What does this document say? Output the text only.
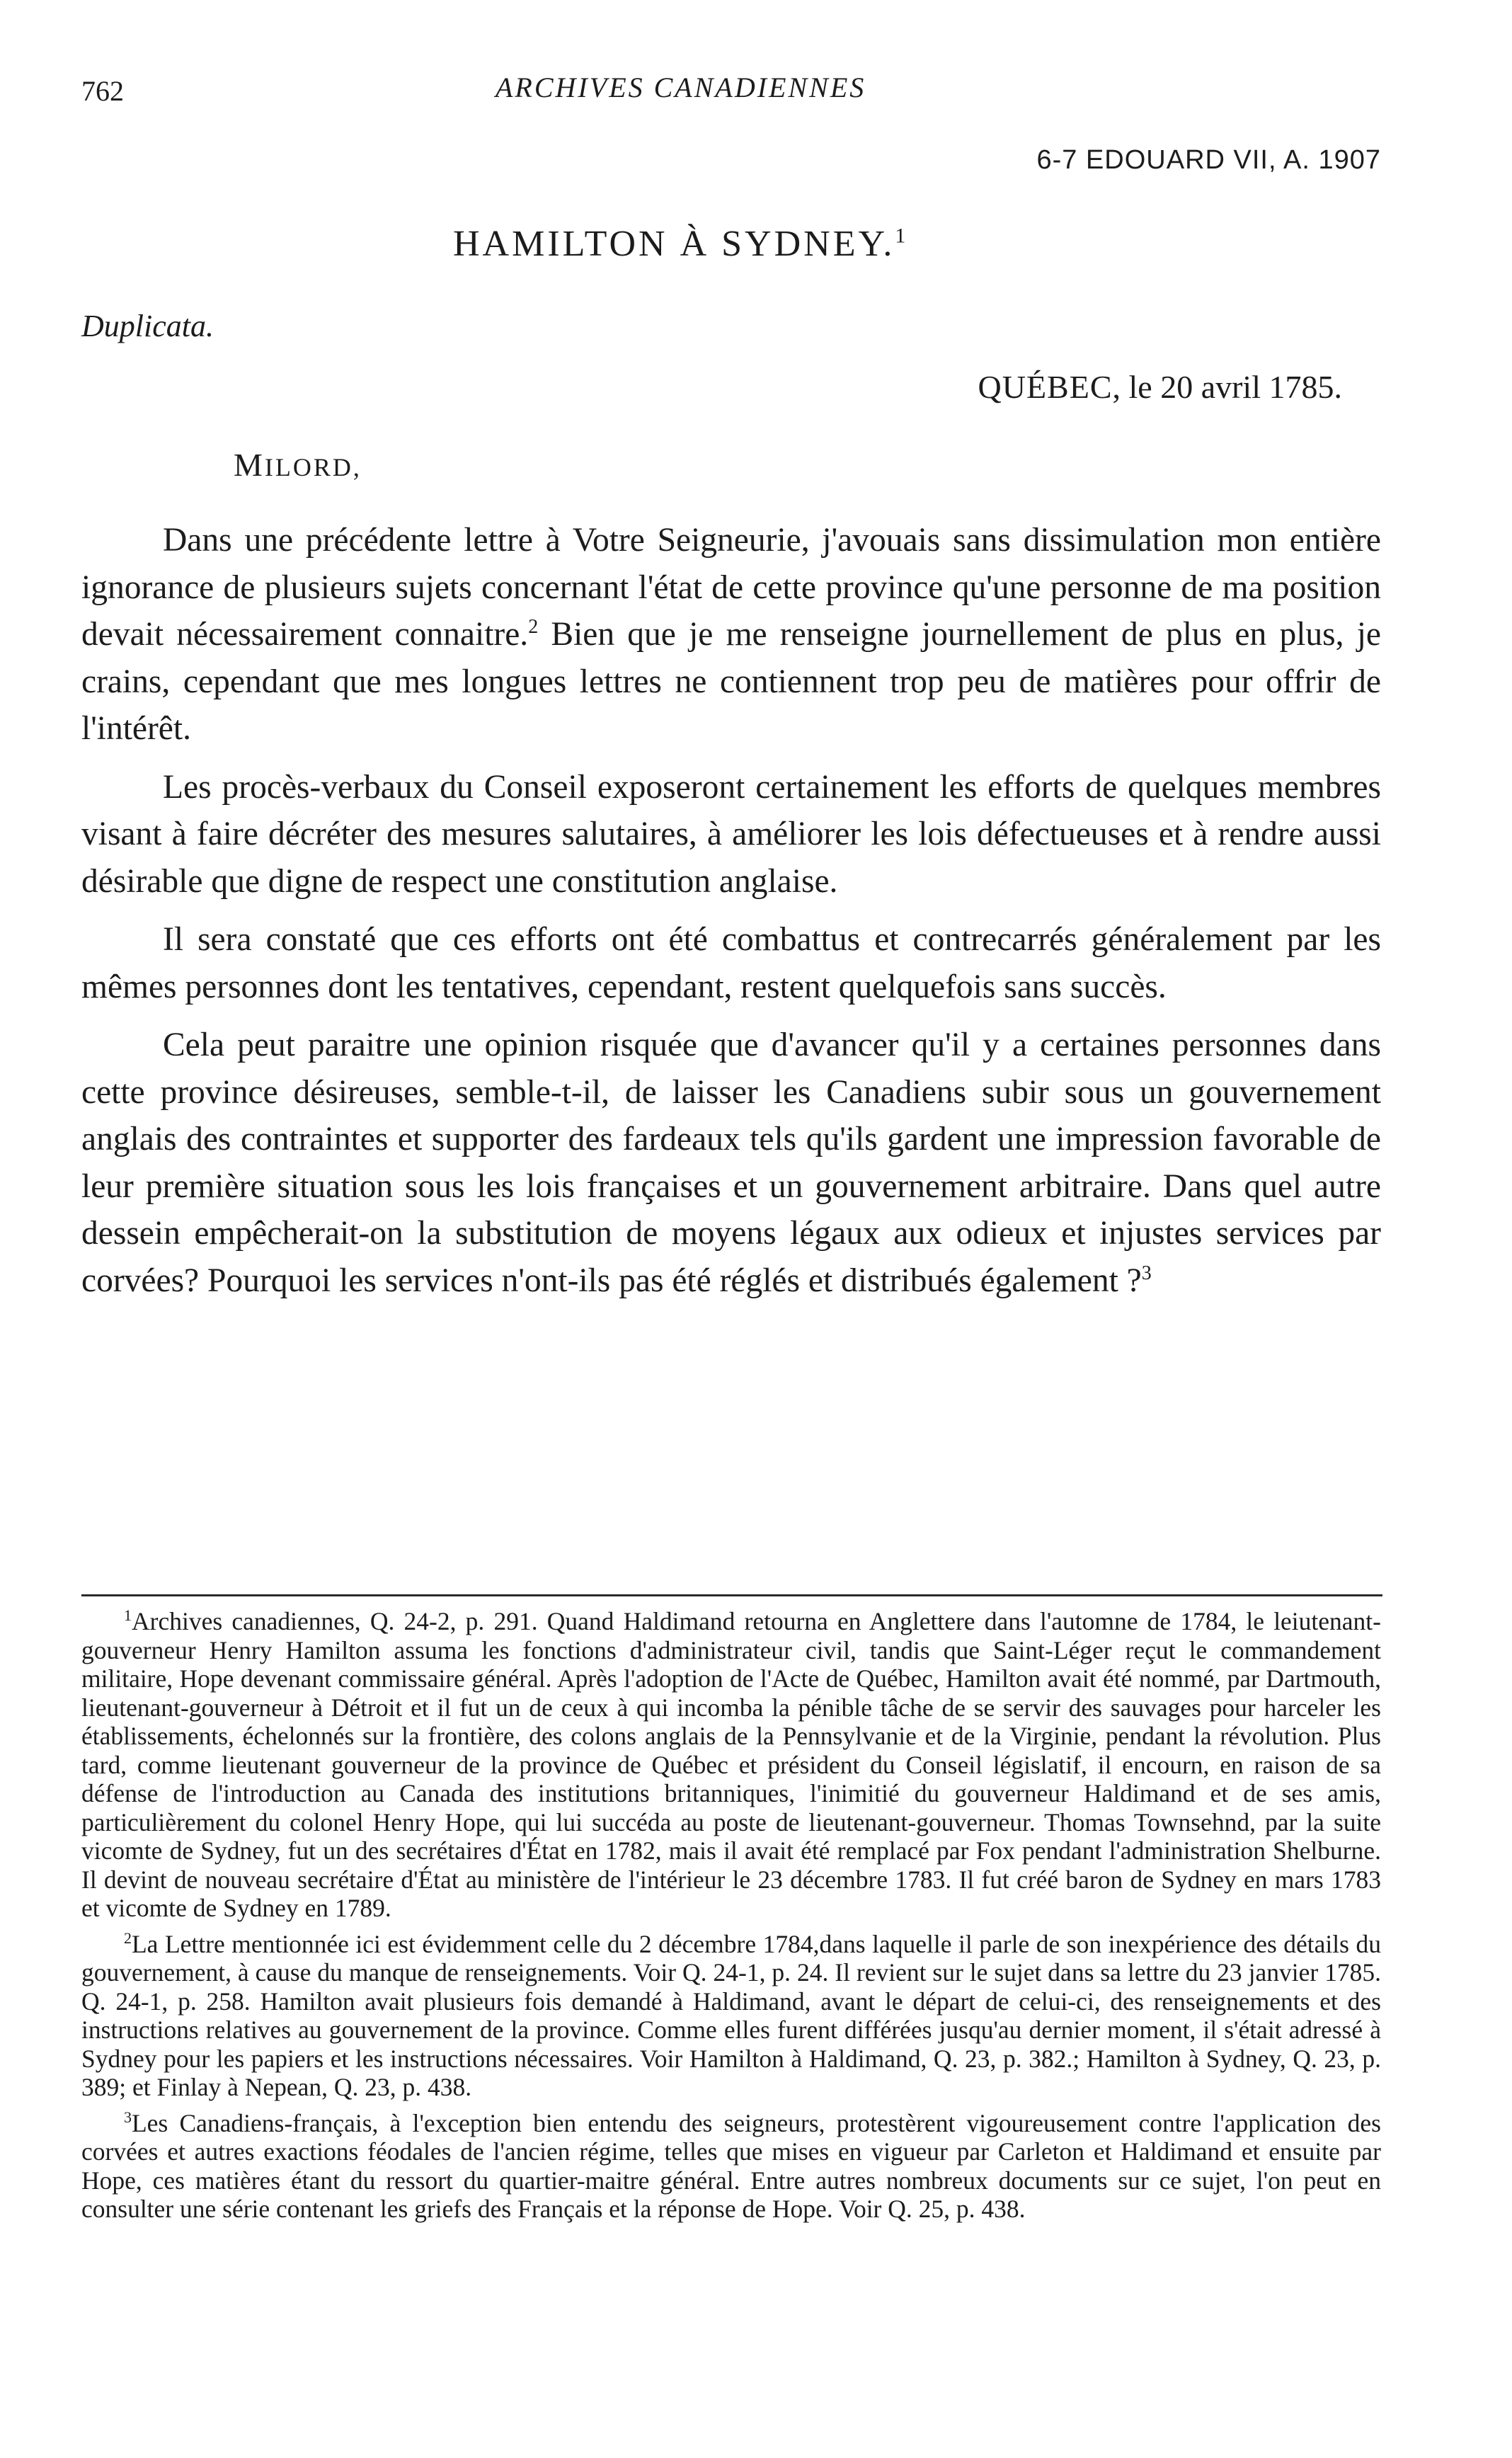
762	ARCHIVES CANADIENNES
6-7 EDOUARD VII, A. 1907
HAMILTON À SYDNEY.$^1$
Duplicata.
QUÉBEC, le 20 avril 1785.
MILORD,

Dans une précédente lettre à Votre Seigneurie, j'avouais sans dissimulation mon entière ignorance de plusieurs sujets concernant l'état de cette province qu'une personne de ma position devait nécessairement connaitre.$^2$ Bien que je me renseigne journellement de plus en plus, je crains, cependant que mes longues lettres ne contiennent trop peu de matières pour offrir de l'intérêt.

Les procès-verbaux du Conseil exposeront certainement les efforts de quelques membres visant à faire décréter des mesures salutaires, à améliorer les lois défectueuses et à rendre aussi désirable que digne de respect une constitution anglaise.

Il sera constaté que ces efforts ont été combattus et contrecarrés généralement par les mêmes personnes dont les tentatives, cependant, restent quelquefois sans succès.

Cela peut paraitre une opinion risquée que d'avancer qu'il y a certaines personnes dans cette province désireuses, semble-t-il, de laisser les Canadiens subir sous un gouvernement anglais des contraintes et supporter des fardeaux tels qu'ils gardent une impression favorable de leur première situation sous les lois françaises et un gouvernement arbitraire. Dans quel autre dessein empêcherait-on la substitution de moyens légaux aux odieux et injustes services par corvées? Pourquoi les services n'ont-ils pas été réglés et distribués également ?$^3$

$^1$Archives canadiennes, Q. 24-2, p. 291. Quand Haldimand retourna en Anglettere dans l'automne de 1784, le leiutenant-gouverneur Henry Hamilton assuma les fonctions d'administrateur civil, tandis que Saint-Léger reçut le commandement militaire, Hope devenant commissaire général. Après l'adoption de l'Acte de Québec, Hamilton avait été nommé, par Dartmouth, lieutenant-gouverneur à Détroit et il fut un de ceux à qui incomba la pénible tâche de se servir des sauvages pour harceler les établissements, échelonnés sur la frontière, des colons anglais de la Pennsylvanie et de la Virginie, pendant la révolution. Plus tard, comme lieutenant gouverneur de la province de Québec et président du Conseil législatif, il encourn, en raison de sa défense de l'introduction au Canada des institutions britanniques, l'inimitié du gouverneur Haldimand et de ses amis, particulièrement du colonel Henry Hope, qui lui succéda au poste de lieutenant-gouverneur. Thomas Townsehnd, par la suite vicomte de Sydney, fut un des secrétaires d'État en 1782, mais il avait été remplacé par Fox pendant l'administration Shelburne. Il devint de nouveau secrétaire d'État au ministère de l'intérieur le 23 décembre 1783. Il fut créé baron de Sydney en mars 1783 et vicomte de Sydney en 1789.

$^2$La Lettre mentionnée ici est évidemment celle du 2 décembre 1784,dans laquelle il parle de son inexpérience des détails du gouvernement, à cause du manque de renseignements. Voir Q. 24-1, p. 24. Il revient sur le sujet dans sa lettre du 23 janvier 1785. Q. 24-1, p. 258. Hamilton avait plusieurs fois demandé à Haldimand, avant le départ de celui-ci, des renseignements et des instructions relatives au gouvernement de la province. Comme elles furent différées jusqu'au dernier moment, il s'était adressé à Sydney pour les papiers et les instructions nécessaires. Voir Hamilton à Haldimand, Q. 23, p. 382.; Hamilton à Sydney, Q. 23, p. 389; et Finlay à Nepean, Q. 23, p. 438.

$^3$Les Canadiens-français, à l'exception bien entendu des seigneurs, protestèrent vigoureusement contre l'application des corvées et autres exactions féodales de l'ancien régime, telles que mises en vigueur par Carleton et Haldimand et ensuite par Hope, ces matières étant du ressort du quartier-maitre général. Entre autres nombreux documents sur ce sujet, l'on peut en consulter une série contenant les griefs des Français et la réponse de Hope. Voir Q. 25, p. 438.
